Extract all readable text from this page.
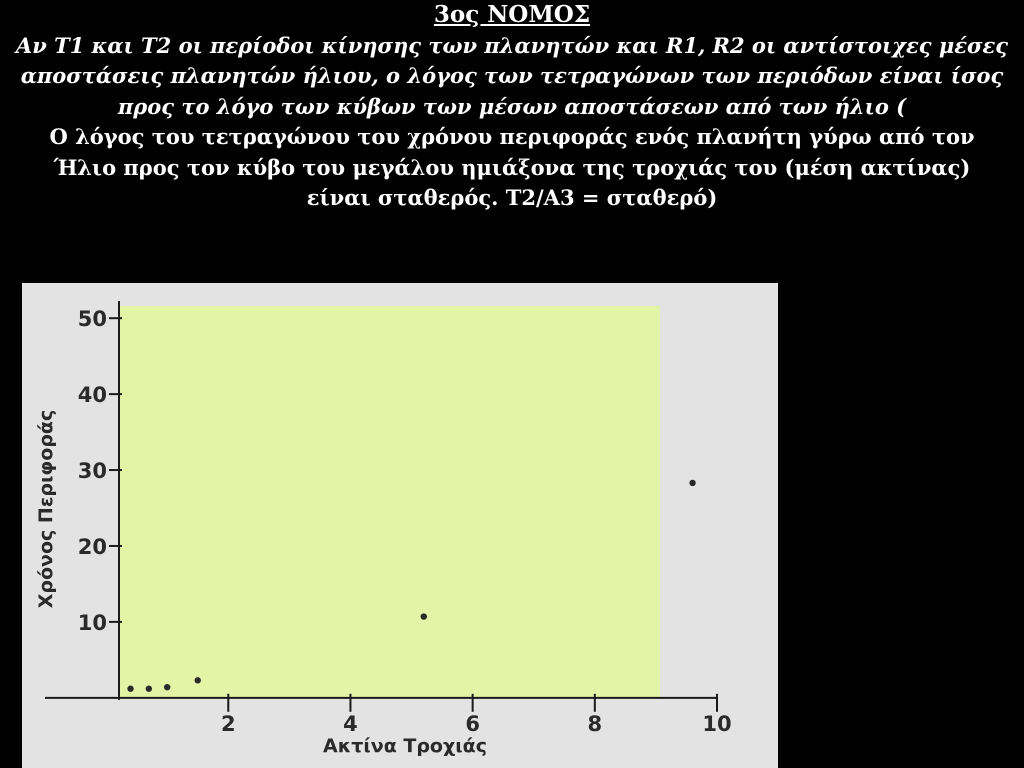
3ος ΝΟΜΟΣ
Αν Τ1 και Τ2 οι περίοδοι κίνησης των πλανητών και R1, R2 οι αντίστοιχες μέσες αποστάσεις πλανητών ήλιου, ο λόγος των τετραγώνων των περιόδων είναι ίσος προς το λόγο των κύβων των μέσων αποστάσεων από των ήλιο (
Ο λόγος του τετραγώνου του χρόνου περιφοράς ενός πλανήτη γύρω από τον Ήλιο προς τον κύβο του μεγάλου ημιάξονα της τροχιάς του (μέση ακτίνας) είναι σταθερός. Τ2/Α3 = σταθερό)
2	4	6	8	10
10
20
30
40
50
Ακτίνα Τροχιάς
Χρόνος Περιφοράς
